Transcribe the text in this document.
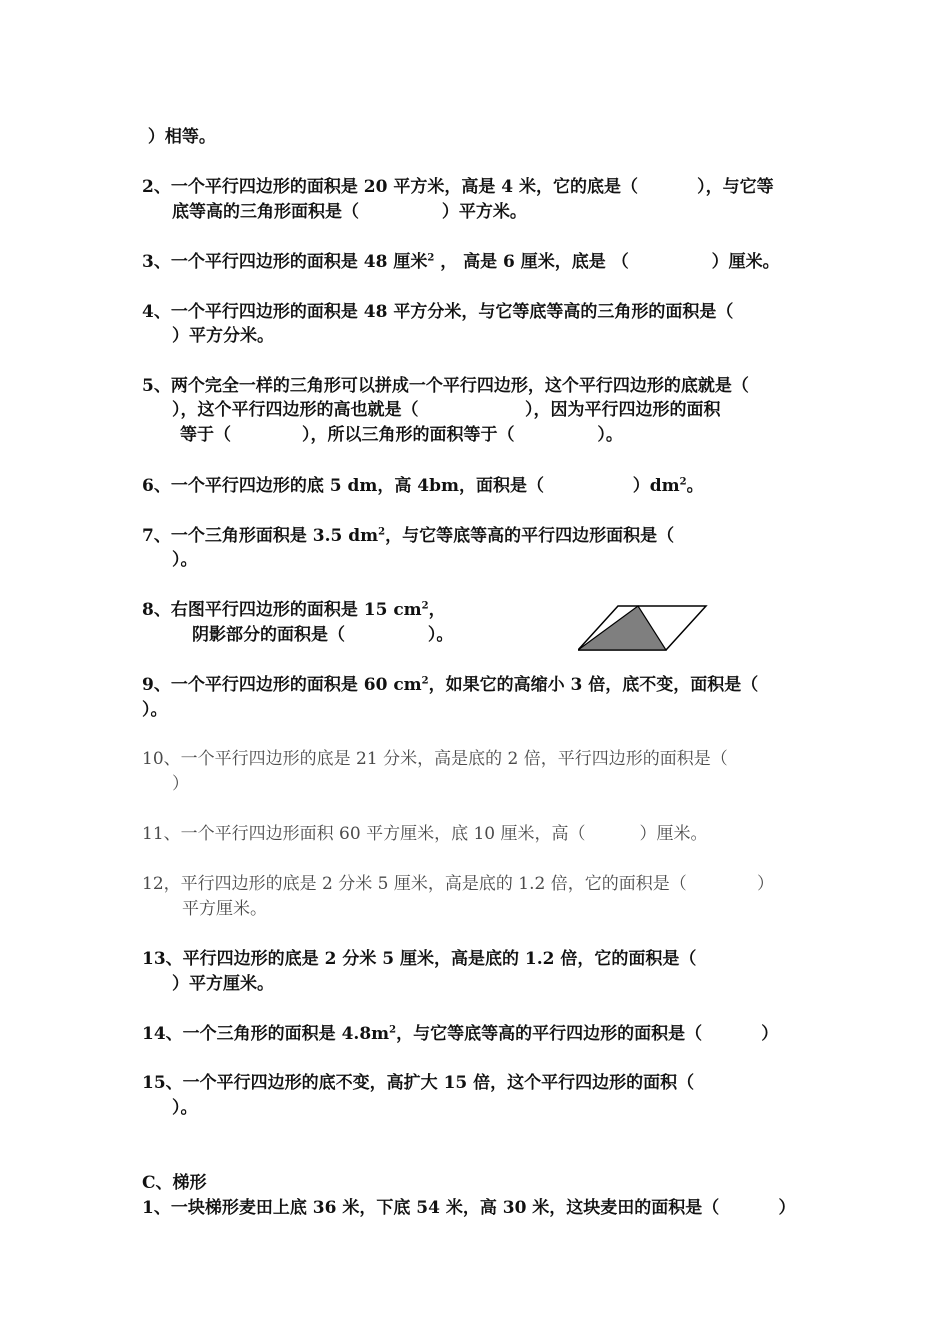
）相等。
2、一个平行四边形的面积是 20 平方米，高是 4 米，它的底是（          ），与它等
底等高的三角形面积是（              ）平方米。
3、一个平行四边形的面积是 48 厘米$^2$ ， 高是 6 厘米，底是 （              ）厘米。
4、一个平行四边形的面积是 48 平方分米，与它等底等高的三角形的面积是（
）平方分米。
5、两个完全一样的三角形可以拼成一个平行四边形，这个平行四边形的底就是（
），这个平行四边形的高也就是（                  ），因为平行四边形的面积
等于（            ），所以三角形的面积等于（              ）。
6、一个平行四边形的底 5 dm，高 4bm，面积是（               ）$dm^2$。
7、一个三角形面积是 3.5 $dm^2$，与它等底等高的平行四边形面积是（
）。
8、右图平行四边形的面积是 15 $cm^2$，
阴影部分的面积是（              ）。
9、一个平行四边形的面积是 60 $cm^2$，如果它的高缩小 3 倍，底不变，面积是（
）。
10、一个平行四边形的底是 21 分米，高是底的 2 倍，平行四边形的面积是（
）
11、一个平行四边形面积 60 平方厘米，底 10 厘米，高（          ）厘米。
12，平行四边形的底是 2 分米 5 厘米，高是底的 1.2 倍，它的面积是（             ）
平方厘米。
13、平行四边形的底是 2 分米 5 厘米，高是底的 1.2 倍，它的面积是（
）平方厘米。
14、一个三角形的面积是 $4.8m^2$，与它等底等高的平行四边形的面积是（          ）
15、一个平行四边形的底不变，高扩大 15 倍，这个平行四边形的面积（
）。
C、梯形
1、一块梯形麦田上底 36 米，下底 54 米，高 30 米，这块麦田的面积是（          ）
